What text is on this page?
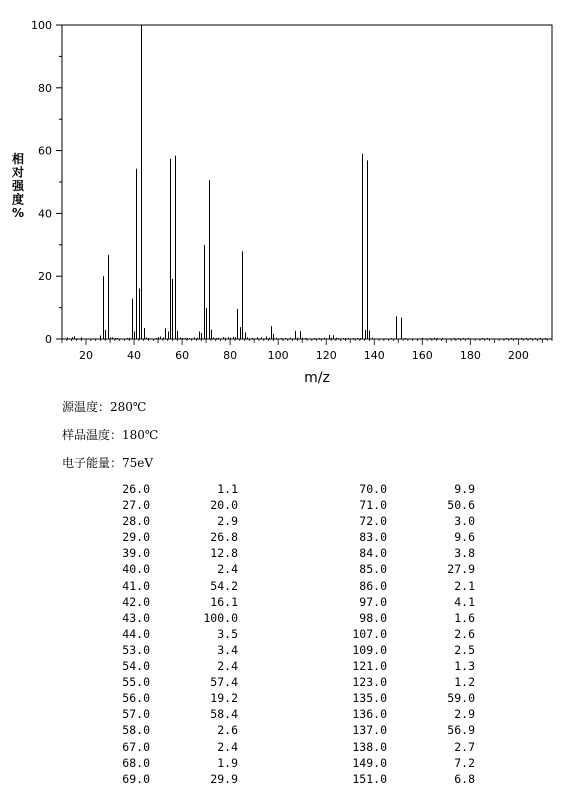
相
对
强
度
%
0
20
40
60
80
100
20	40	60	80	100 120 140 160 180 200
m/z
源温度：280℃
样品温度：180℃
电子能量：75eV
26.0	1.1	70.0	9.9
27.0	20.0	71.0	50.6
28.0	2.9	72.0	3.0
29.0	26.8	83.0	9.6
39.0	12.8	84.0	3.8
40.0	2.4	85.0	27.9
41.0	54.2	86.0	2.1
42.0	16.1	97.0	4.1
43.0	100.0	98.0	1.6
44.0	3.5	107.0	2.6
53.0	3.4	109.0	2.5
54.0	2.4	121.0	1.3
55.0	57.4	123.0	1.2
56.0	19.2	135.0	59.0
57.0	58.4	136.0	2.9
58.0	2.6	137.0	56.9
67.0	2.4	138.0	2.7
68.0	1.9	149.0	7.2
69.0	29.9	151.0	6.8
